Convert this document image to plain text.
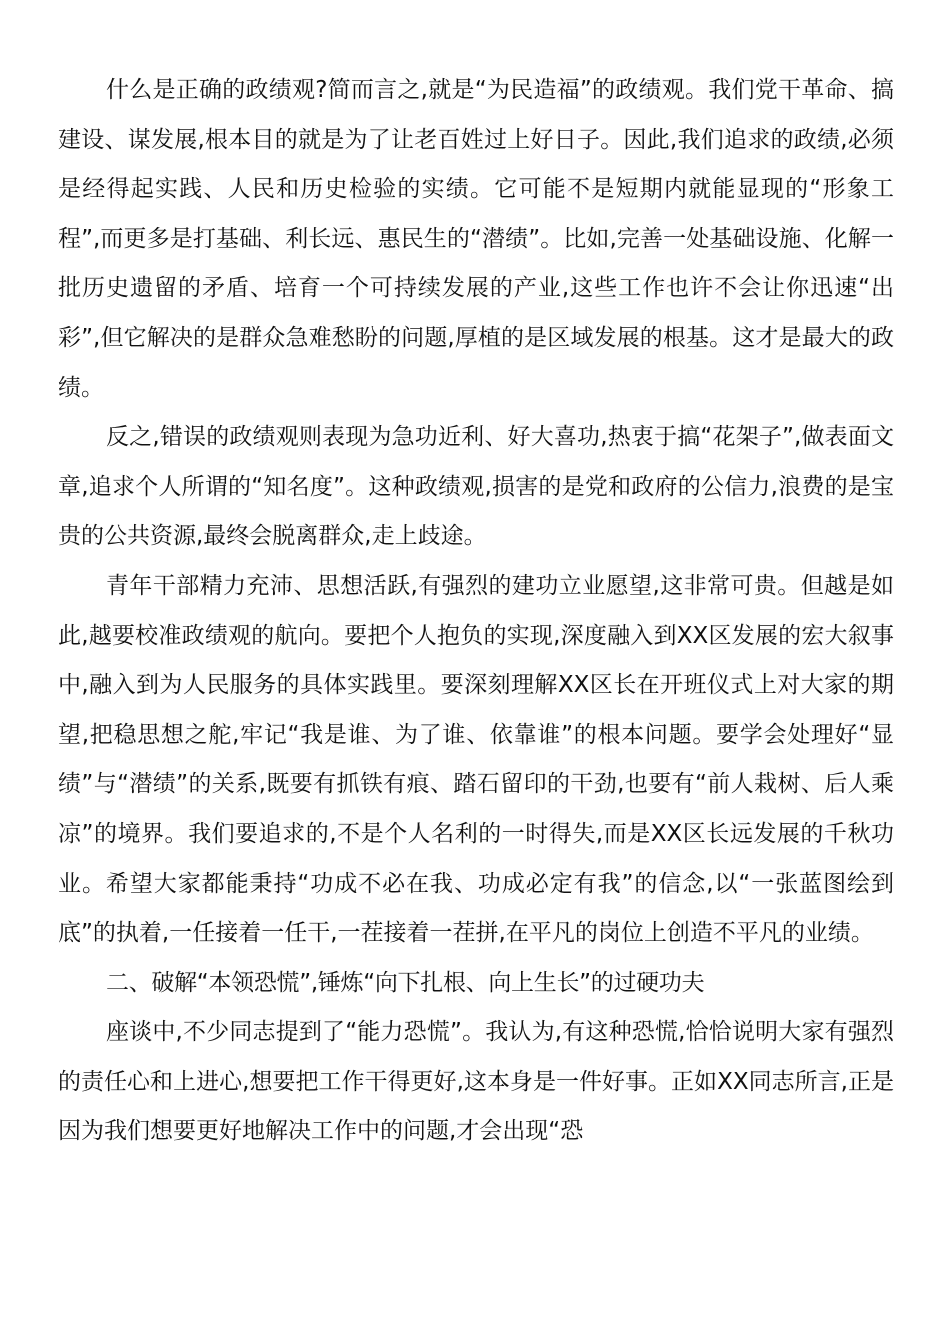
什么是正确的政绩观?简而言之,就是“为民造福”的政绩观。我们党干革命、搞建设、谋发展,根本目的就是为了让老百姓过上好日子。因此,我们追求的政绩,必须是经得起实践、人民和历史检验的实绩。它可能不是短期内就能显现的“形象工程”,而更多是打基础、利长远、惠民生的“潜绩”。比如,完善一处基础设施、化解一批历史遗留的矛盾、培育一个可持续发展的产业,这些工作也许不会让你迅速“出彩”,但它解决的是群众急难愁盼的问题,厚植的是区域发展的根基。这才是最大的政绩。

反之,错误的政绩观则表现为急功近利、好大喜功,热衷于搞“花架子”,做表面文章,追求个人所谓的“知名度”。这种政绩观,损害的是党和政府的公信力,浪费的是宝贵的公共资源,最终会脱离群众,走上歧途。

青年干部精力充沛、思想活跃,有强烈的建功立业愿望,这非常可贵。但越是如此,越要校准政绩观的航向。要把个人抱负的实现,深度融入到XX区发展的宏大叙事中,融入到为人民服务的具体实践里。要深刻理解XX区长在开班仪式上对大家的期望,把稳思想之舵,牢记“我是谁、为了谁、依靠谁”的根本问题。要学会处理好“显绩”与“潜绩”的关系,既要有抓铁有痕、踏石留印的干劲,也要有“前人栽树、后人乘凉”的境界。我们要追求的,不是个人名利的一时得失,而是XX区长远发展的千秋功业。希望大家都能秉持“功成不必在我、功成必定有我”的信念,以“一张蓝图绘到底”的执着,一任接着一任干,一茬接着一茬拼,在平凡的岗位上创造不平凡的业绩。

二、破解“本领恐慌”,锤炼“向下扎根、向上生长”的过硬功夫

座谈中,不少同志提到了“能力恐慌”。我认为,有这种恐慌,恰恰说明大家有强烈的责任心和上进心,想要把工作干得更好,这本身是一件好事。正如XX同志所言,正是因为我们想要更好地解决工作中的问题,才会出现“恐
